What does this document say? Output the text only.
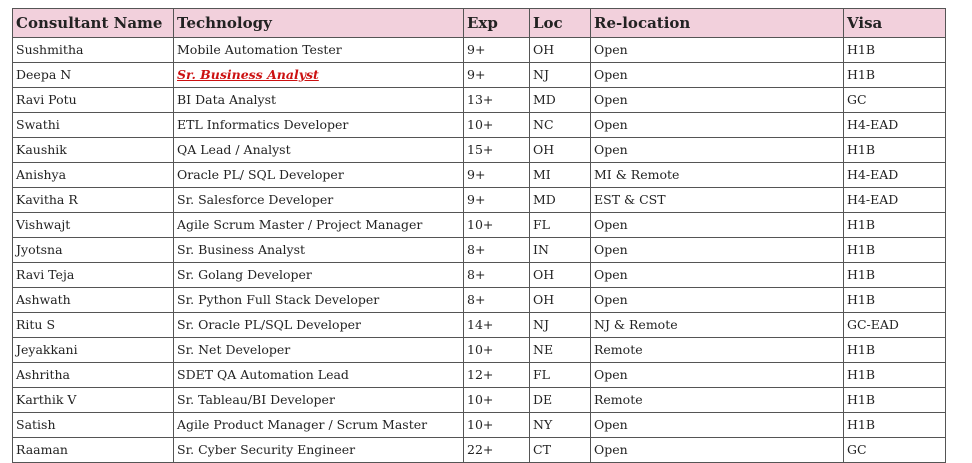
Consultant Name	Technology	Exp	Loc	Re-location	Visa
Sushmitha	Mobile Automation Tester	9+	OH	Open	H1B
Deepa N	Sr. Business Analyst	9+	NJ	Open	H1B
Ravi Potu	BI Data Analyst	13+	MD	Open	GC
Swathi	ETL Informatics Developer	10+	NC	Open	H4-EAD
Kaushik	QA Lead / Analyst	15+	OH	Open	H1B
Anishya	Oracle PL/ SQL Developer	9+	MI	MI & Remote	H4-EAD
Kavitha R	Sr. Salesforce Developer	9+	MD	EST & CST	H4-EAD
Vishwajt	Agile Scrum Master / Project Manager	10+	FL	Open	H1B
Jyotsna	Sr. Business Analyst	8+	IN	Open	H1B
Ravi Teja	Sr. Golang Developer	8+	OH	Open	H1B
Ashwath	Sr. Python Full Stack Developer	8+	OH	Open	H1B
Ritu S	Sr. Oracle PL/SQL Developer	14+	NJ	NJ & Remote	GC-EAD
Jeyakkani	Sr. Net Developer	10+	NE	Remote	H1B
Ashritha	SDET QA Automation Lead	12+	FL	Open	H1B
Karthik V	Sr. Tableau/BI Developer	10+	DE	Remote	H1B
Satish	Agile Product Manager / Scrum Master	10+	NY	Open	H1B
Raaman	Sr. Cyber Security Engineer	22+	CT	Open	GC
